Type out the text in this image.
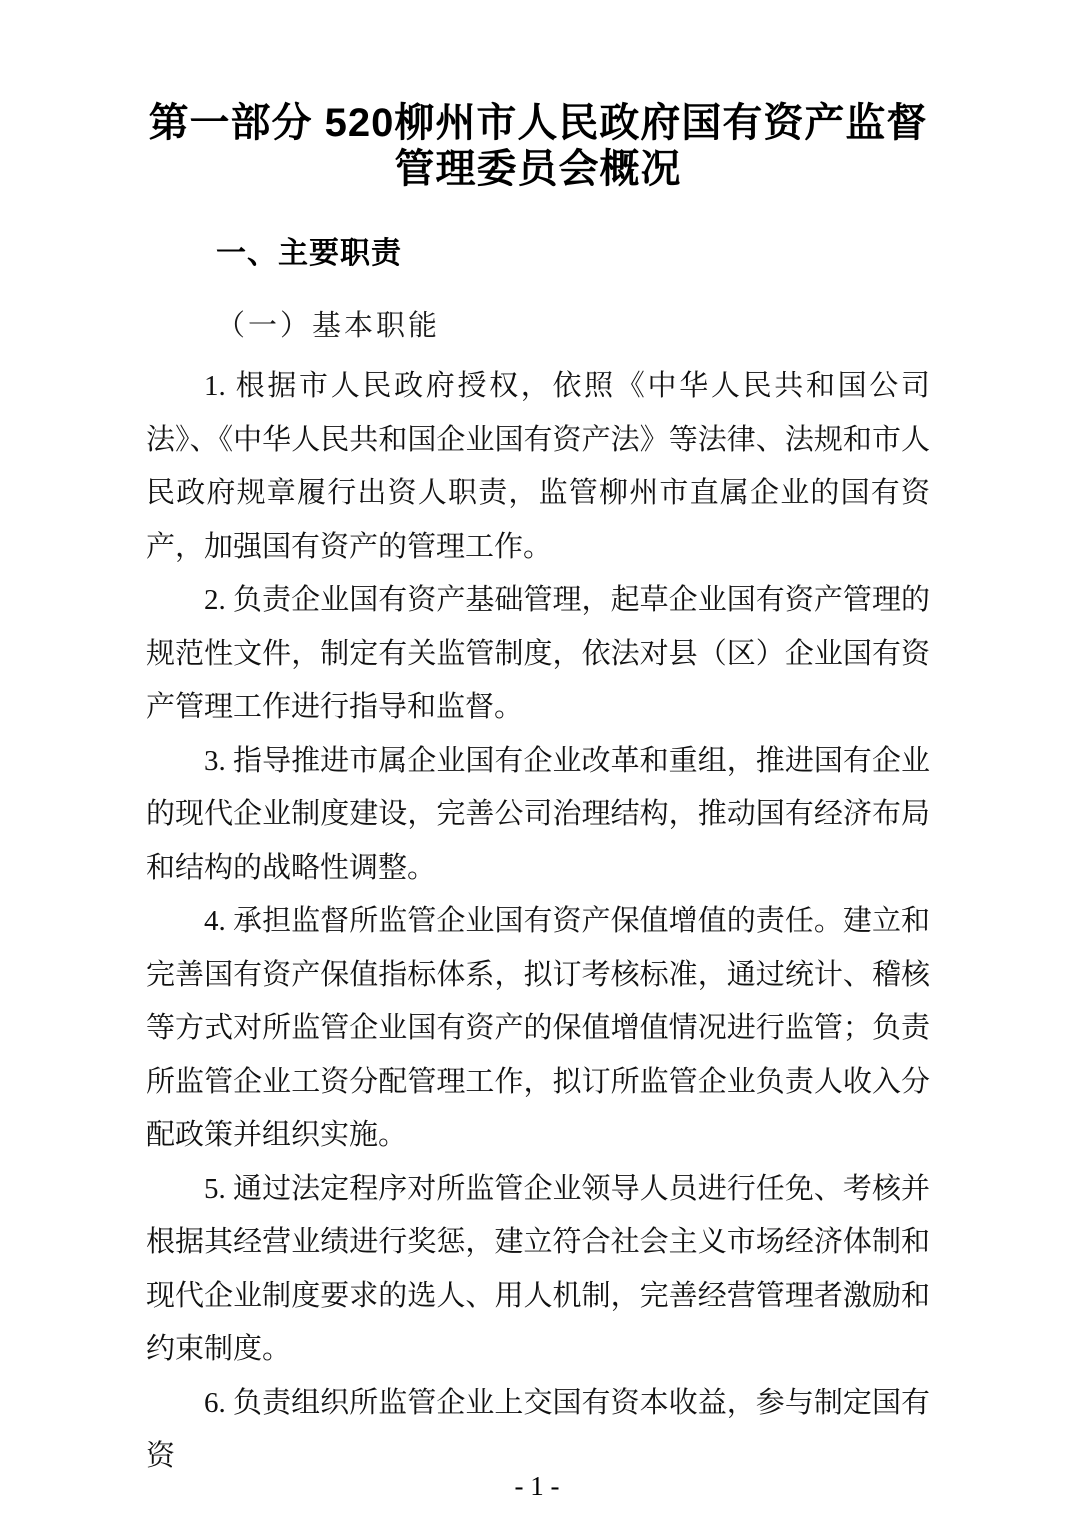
第一部分 520柳州市人民政府国有资产监督管理委员会概况
一、主要职责
（一）基本职能

1. 根据市人民政府授权，依照《中华人民共和国公司法》、《中华人民共和国企业国有资产法》等法律、法规和市人民政府规章履行出资人职责，监管柳州市直属企业的国有资产，加强国有资产的管理工作。

2. 负责企业国有资产基础管理，起草企业国有资产管理的规范性文件，制定有关监管制度，依法对县（区）企业国有资产管理工作进行指导和监督。

3. 指导推进市属企业国有企业改革和重组，推进国有企业的现代企业制度建设，完善公司治理结构，推动国有经济布局和结构的战略性调整。

4. 承担监督所监管企业国有资产保值增值的责任。建立和完善国有资产保值指标体系，拟订考核标准，通过统计、稽核等方式对所监管企业国有资产的保值增值情况进行监管；负责所监管企业工资分配管理工作，拟订所监管企业负责人收入分配政策并组织实施。

5. 通过法定程序对所监管企业领导人员进行任免、考核并根据其经营业绩进行奖惩，建立符合社会主义市场经济体制和现代企业制度要求的选人、用人机制，完善经营管理者激励和约束制度。

6. 负责组织所监管企业上交国有资本收益，参与制定国有资

- 1 -
